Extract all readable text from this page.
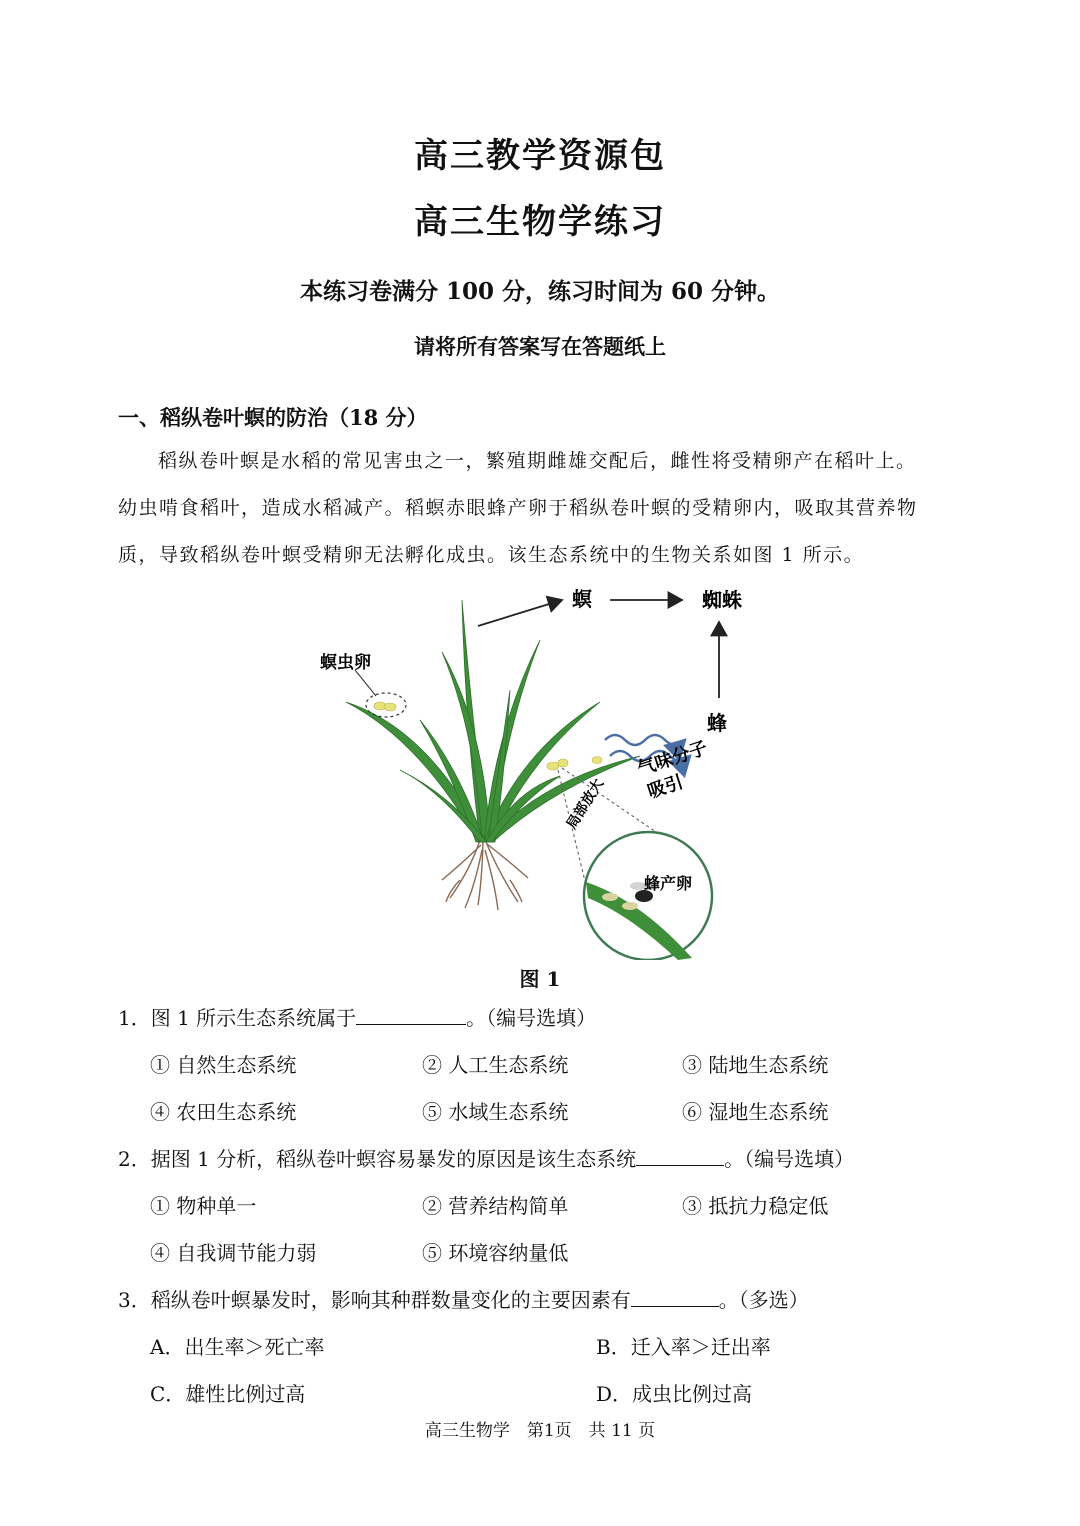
高三教学资源包
高三生物学练习
本练习卷满分 100 分，练习时间为 60 分钟。
请将所有答案写在答题纸上
一、稻纵卷叶螟的防治（18 分）
稻纵卷叶螟是水稻的常见害虫之一，繁殖期雌雄交配后，雌性将受精卵产在稻叶上。
幼虫啃食稻叶，造成水稻减产。稻螟赤眼蜂产卵于稻纵卷叶螟的受精卵内，吸取其营养物
质，导致稻纵卷叶螟受精卵无法孵化成虫。该生态系统中的生物关系如图 1 所示。
螟	蜘蛛
螟虫卵
蜂
气味分子
吸引
局部放大
蜂产卵
图 1
1．图 1 所示生态系统属于	。（编号选填）
① 自然生态系统	② 人工生态系统	③ 陆地生态系统
④ 农田生态系统	⑤ 水域生态系统	⑥ 湿地生态系统
2．据图 1 分析，稻纵卷叶螟容易暴发的原因是该生态系统	。（编号选填）
① 物种单一	② 营养结构简单	③ 抵抗力稳定低
④ 自我调节能力弱	⑤ 环境容纳量低
3．稻纵卷叶螟暴发时，影响其种群数量变化的主要因素有	。（多选）
A．出生率＞死亡率	B．迁入率＞迁出率
C．雄性比例过高	D．成虫比例过高
高三生物学　第1页　共 11 页
